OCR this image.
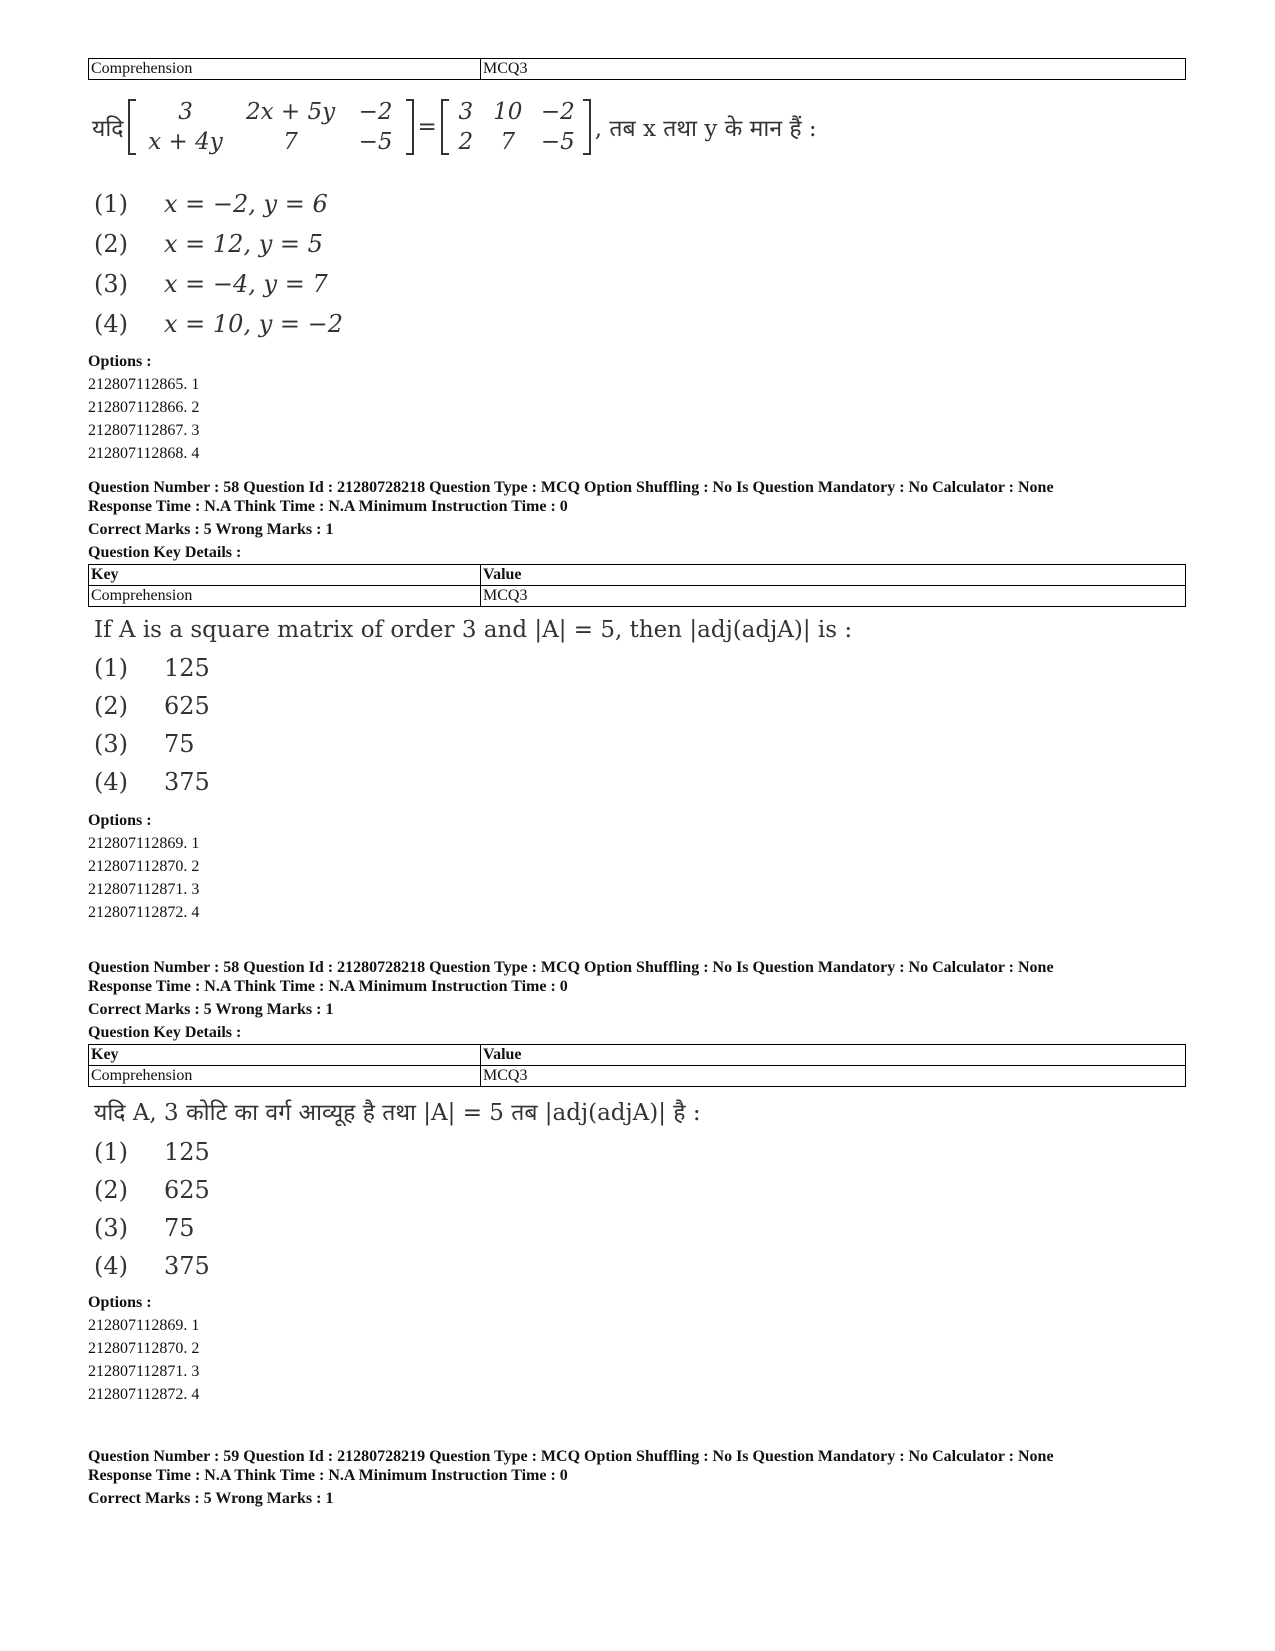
Comprehension	MCQ3
यदि
3	2x + 5y	−2
x + 4y	7	−5
=
3 10 −2
2	7	−5 , तब x तथा y के मान हैं :
(1)	x = −2, y = 6
(2)	x = 12, y = 5
(3)	x = −4, y = 7
(4)	x = 10, y = −2
Options :
212807112865. 1
212807112866. 2
212807112867. 3
212807112868. 4
Question Number : 58 Question Id : 21280728218 Question Type : MCQ Option Shuffling : No Is Question Mandatory : No Calculator : None
Response Time : N.A Think Time : N.A Minimum Instruction Time : 0
Correct Marks : 5 Wrong Marks : 1
Question Key Details :
Key	Value
Comprehension	MCQ3
If A is a square matrix of order 3 and |A| = 5, then |adj(adjA)| is :
(1)	125
(2)	625
(3)	75
(4)	375
Options :
212807112869. 1
212807112870. 2
212807112871. 3
212807112872. 4
Question Number : 58 Question Id : 21280728218 Question Type : MCQ Option Shuffling : No Is Question Mandatory : No Calculator : None
Response Time : N.A Think Time : N.A Minimum Instruction Time : 0
Correct Marks : 5 Wrong Marks : 1
Question Key Details :
Key	Value
Comprehension	MCQ3
यदि A, 3 कोटि का वर्ग आव्यूह है तथा |A| = 5 तब |adj(adjA)| है :
(1)	125
(2)	625
(3)	75
(4)	375
Options :
212807112869. 1
212807112870. 2
212807112871. 3
212807112872. 4
Question Number : 59 Question Id : 21280728219 Question Type : MCQ Option Shuffling : No Is Question Mandatory : No Calculator : None
Response Time : N.A Think Time : N.A Minimum Instruction Time : 0
Correct Marks : 5 Wrong Marks : 1
